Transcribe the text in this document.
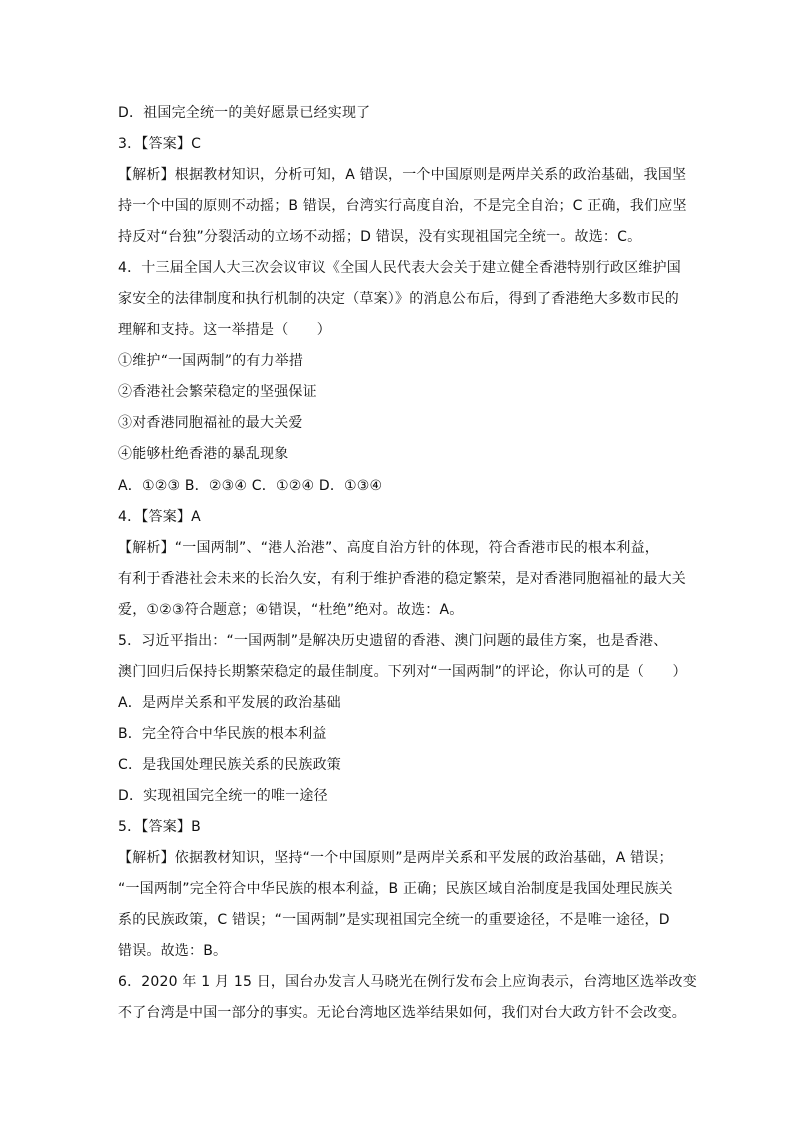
D．祖国完全统一的美好愿景已经实现了
3．【答案】C
【解析】根据教材知识，分析可知，A 错误，一个中国原则是两岸关系的政治基础，我国坚
持一个中国的原则不动摇；B 错误，台湾实行高度自治，不是完全自治；C 正确，我们应坚
持反对“台独”分裂活动的立场不动摇；D 错误，没有实现祖国完全统一。故选：C。
4．十三届全国人大三次会议审议《全国人民代表大会关于建立健全香港特别行政区维护国
家安全的法律制度和执行机制的决定（草案）》的消息公布后，得到了香港绝大多数市民的
理解和支持。这一举措是（　　）
①维护“一国两制”的有力举措
②香港社会繁荣稳定的坚强保证
③对香港同胞福祉的最大关爱
④能够杜绝香港的暴乱现象
A．①②③ B．②③④ C．①②④ D．①③④
4．【答案】A
【解析】“一国两制”、“港人治港”、高度自治方针的体现，符合香港市民的根本利益，
有利于香港社会未来的长治久安，有利于维护香港的稳定繁荣，是对香港同胞福祉的最大关
爱，①②③符合题意；④错误，“杜绝”绝对。故选：A。
5．习近平指出：“一国两制”是解决历史遗留的香港、澳门问题的最佳方案，也是香港、
澳门回归后保持长期繁荣稳定的最佳制度。下列对“一国两制”的评论，你认可的是（　　）
A．是两岸关系和平发展的政治基础
B．完全符合中华民族的根本利益
C．是我国处理民族关系的民族政策
D．实现祖国完全统一的唯一途径
5．【答案】B
【解析】依据教材知识，坚持“一个中国原则”是两岸关系和平发展的政治基础，A 错误；
“一国两制”完全符合中华民族的根本利益，B 正确；民族区域自治制度是我国处理民族关
系的民族政策，C 错误；“一国两制”是实现祖国完全统一的重要途径，不是唯一途径，D
错误。故选：B。
6．2020 年 1 月 15 日，国台办发言人马晓光在例行发布会上应询表示，台湾地区选举改变
不了台湾是中国一部分的事实。无论台湾地区选举结果如何，我们对台大政方针不会改变。
